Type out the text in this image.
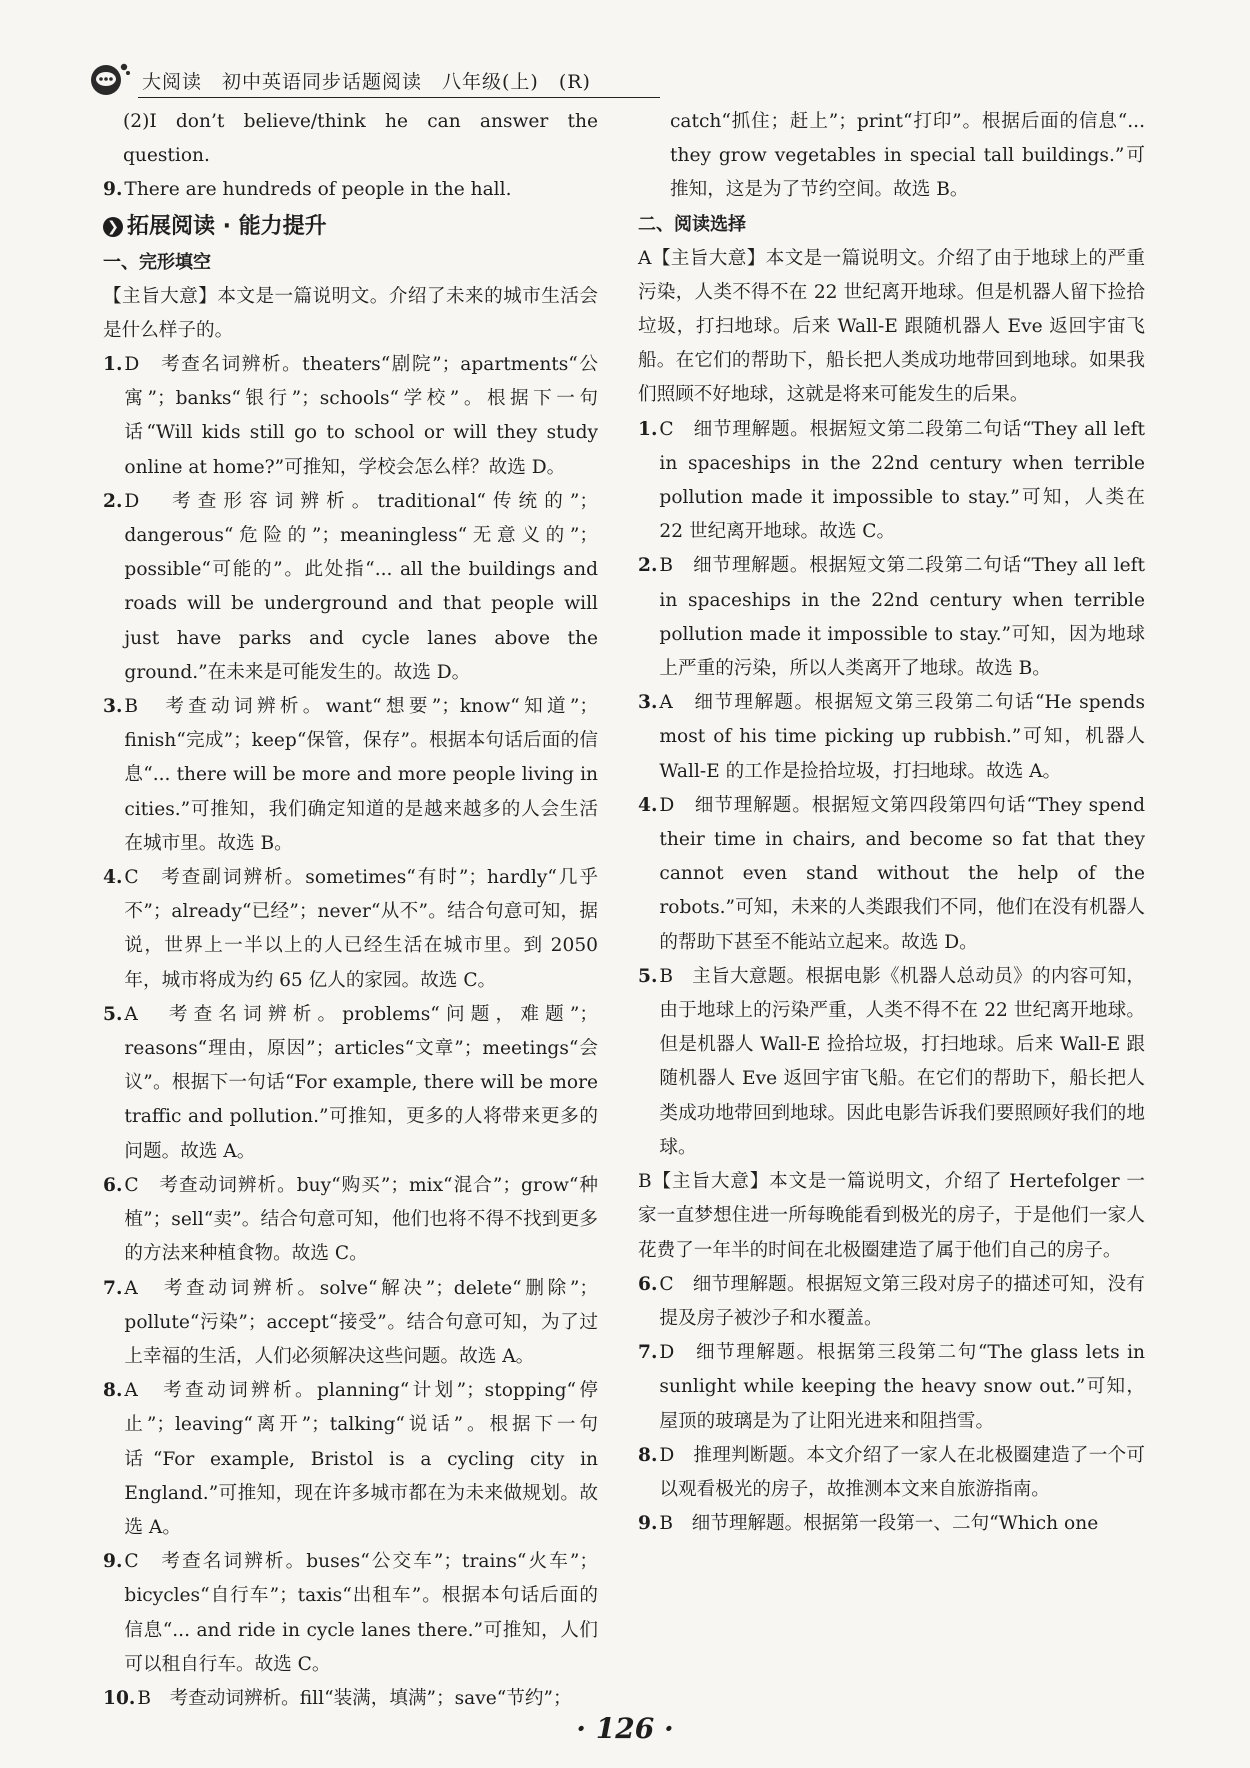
大阅读　初中英语同步话题阅读　八年级(上)　(R)

(2)I don’t believe/think he can answer the question.

9. There are hundreds of people in the hall.
❯ 拓展阅读 · 能力提升
一、完形填空

【主旨大意】本文是一篇说明文。介绍了未来的城市生活会是什么样子的。

1. D　考查名词辨析。theaters“剧院”；apartments“公寓”；banks“银行”；schools“学校”。根据下一句话“Will kids still go to school or will they study online at home?”可推知，学校会怎么样？故选 D。
2. D　考查形容词辨析。traditional“传统的”；dangerous“危险的”；meaningless“无意义的”；possible“可能的”。此处指“... all the buildings and roads will be underground and that people will just have parks and cycle lanes above the ground.”在未来是可能发生的。故选 D。
3. B　考查动词辨析。want“想要”；know“知道”；finish“完成”；keep“保管，保存”。根据本句话后面的信息“... there will be more and more people living in cities.”可推知，我们确定知道的是越来越多的人会生活在城市里。故选 B。
4. C　考查副词辨析。sometimes“有时”；hardly“几乎不”；already“已经”；never“从不”。结合句意可知，据说，世界上一半以上的人已经生活在城市里。到 2050年，城市将成为约 65 亿人的家园。故选 C。
5. A　考查名词辨析。problems“问题，难题”；reasons“理由，原因”；articles“文章”；meetings“会议”。根据下一句话“For example, there will be more traffic and pollution.”可推知，更多的人将带来更多的问题。故选 A。
6. C　考查动词辨析。buy“购买”；mix“混合”；grow“种植”；sell“卖”。结合句意可知，他们也将不得不找到更多的方法来种植食物。故选 C。
7. A　考查动词辨析。solve“解决”；delete“删除”；pollute“污染”；accept“接受”。结合句意可知，为了过上幸福的生活，人们必须解决这些问题。故选 A。
8. A　考查动词辨析。planning“计划”；stopping“停止”；leaving“离开”；talking“说话”。根据下一句话“For example, Bristol is a cycling city in England.”可推知，现在许多城市都在为未来做规划。故选 A。
9. C　考查名词辨析。buses“公交车”；trains“火车”；bicycles“自行车”；taxis“出租车”。根据本句话后面的信息“... and ride in cycle lanes there.”可推知，人们可以租自行车。故选 C。
10. B　考查动词辨析。fill“装满，填满”；save“节约”；

catch“抓住；赶上”；print“打印”。根据后面的信息“... they grow vegetables in special tall buildings.”可推知，这是为了节约空间。故选 B。

二、阅读选择

A【主旨大意】本文是一篇说明文。介绍了由于地球上的严重污染，人类不得不在 22 世纪离开地球。但是机器人留下捡拾垃圾，打扫地球。后来 Wall-E 跟随机器人 Eve 返回宇宙飞船。在它们的帮助下，船长把人类成功地带回到地球。如果我们照顾不好地球，这就是将来可能发生的后果。

1. C　细节理解题。根据短文第二段第二句话“They all left in spaceships in the 22nd century when terrible pollution made it impossible to stay.”可知，人类在 22 世纪离开地球。故选 C。
2. B　细节理解题。根据短文第二段第二句话“They all left in spaceships in the 22nd century when terrible pollution made it impossible to stay.”可知，因为地球上严重的污染，所以人类离开了地球。故选 B。
3. A　细节理解题。根据短文第三段第二句话“He spends most of his time picking up rubbish.”可知，机器人 Wall-E 的工作是捡拾垃圾，打扫地球。故选 A。
4. D　细节理解题。根据短文第四段第四句话“They spend their time in chairs, and become so fat that they cannot even stand without the help of the robots.”可知，未来的人类跟我们不同，他们在没有机器人的帮助下甚至不能站立起来。故选 D。
5. B　主旨大意题。根据电影《机器人总动员》的内容可知，由于地球上的污染严重，人类不得不在 22 世纪离开地球。但是机器人 Wall-E 捡拾垃圾，打扫地球。后来 Wall-E 跟随机器人 Eve 返回宇宙飞船。在它们的帮助下，船长把人类成功地带回到地球。因此电影告诉我们要照顾好我们的地球。

B【主旨大意】本文是一篇说明文，介绍了 Hertefolger 一家一直梦想住进一所每晚能看到极光的房子，于是他们一家人花费了一年半的时间在北极圈建造了属于他们自己的房子。

6. C　细节理解题。根据短文第三段对房子的描述可知，没有提及房子被沙子和水覆盖。
7. D　细节理解题。根据第三段第二句“The glass lets in sunlight while keeping the heavy snow out.”可知，屋顶的玻璃是为了让阳光进来和阻挡雪。
8. D　推理判断题。本文介绍了一家人在北极圈建造了一个可以观看极光的房子，故推测本文来自旅游指南。
9. B　细节理解题。根据第一段第一、二句“Which one
· 126 ·
